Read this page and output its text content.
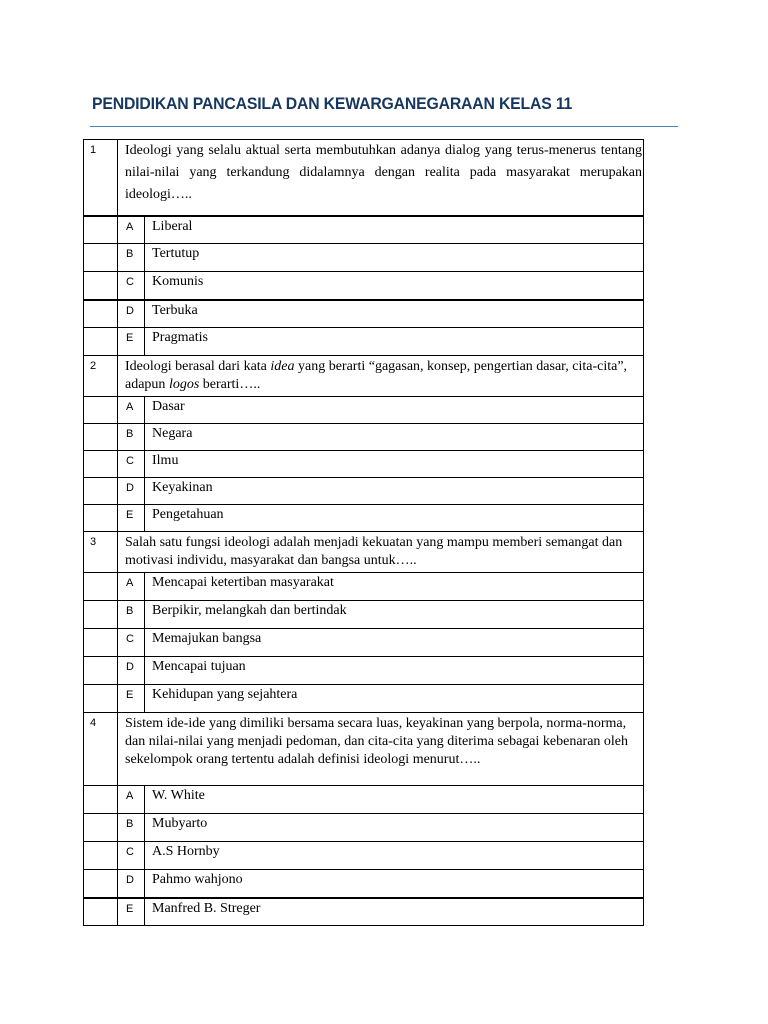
PENDIDIKAN PANCASILA DAN KEWARGANEGARAAN KELAS 11
1	Ideologi yang selalu aktual serta membutuhkan adanya dialog yang terus-menerus tentang nilai-nilai yang terkandung didalamnya dengan realita pada masyarakat merupakan ideologi…..	
	A	Liberal
	B	Tertutup
	C	Komunis
	D	Terbuka
	E	Pragmatis
2	Ideologi berasal dari kata idea yang berarti “gagasan, konsep, pengertian dasar, cita-cita”, adapun logos berarti…..	
	A	Dasar
	B	Negara
	C	Ilmu
	D	Keyakinan
	E	Pengetahuan
3	Salah satu fungsi ideologi adalah menjadi kekuatan yang mampu memberi semangat dan motivasi individu, masyarakat dan bangsa untuk…..	
	A	Mencapai ketertiban masyarakat
	B	Berpikir, melangkah dan bertindak
	C	Memajukan bangsa
	D	Mencapai tujuan
	E	Kehidupan yang sejahtera
4	Sistem ide-ide yang dimiliki bersama secara luas, keyakinan yang berpola, norma-norma, dan nilai-nilai yang menjadi pedoman, dan cita-cita yang diterima sebagai kebenaran oleh sekelompok orang tertentu adalah definisi ideologi menurut…..	
	A	W. White
	B	Mubyarto
	C	A.S Hornby
	D	Pahmo wahjono
	E	Manfred B. Streger
